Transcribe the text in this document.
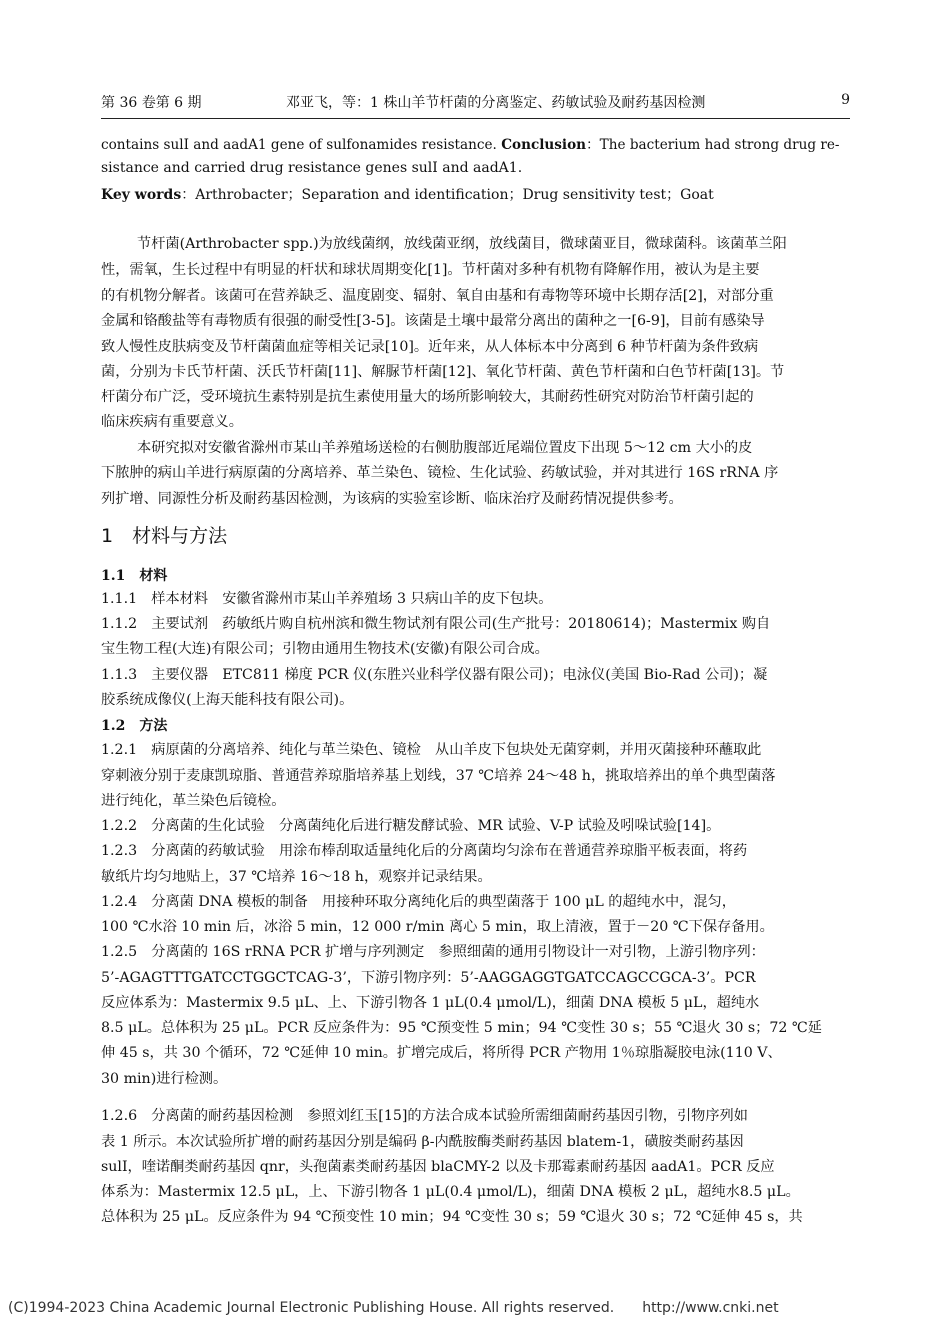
第 36 卷第 6 期	邓亚飞，等：1 株山羊节杆菌的分离鉴定、药敏试验及耐药基因检测	9
contains sulI and aadA1 gene of sulfonamides resistance. Conclusion：The bacterium had strong drug re-
sistance and carried drug resistance genes sulI and aadA1.
Key words：Arthrobacter；Separation and identification；Drug sensitivity test；Goat
节杆菌(Arthrobacter spp.)为放线菌纲，放线菌亚纲，放线菌目，微球菌亚目，微球菌科。该菌革兰阳
性，需氧，生长过程中有明显的杆状和球状周期变化[1]。节杆菌对多种有机物有降解作用，被认为是主要
的有机物分解者。该菌可在营养缺乏、温度剧变、辐射、氧自由基和有毒物等环境中长期存活[2]，对部分重
金属和铬酸盐等有毒物质有很强的耐受性[3-5]。该菌是土壤中最常分离出的菌种之一[6-9]，目前有感染导
致人慢性皮肤病变及节杆菌菌血症等相关记录[10]。近年来，从人体标本中分离到 6 种节杆菌为条件致病
菌，分别为卡氏节杆菌、沃氏节杆菌[11]、解脲节杆菌[12]、氧化节杆菌、黄色节杆菌和白色节杆菌[13]。节
杆菌分布广泛，受环境抗生素特别是抗生素使用量大的场所影响较大，其耐药性研究对防治节杆菌引起的
临床疾病有重要意义。
本研究拟对安徽省滁州市某山羊养殖场送检的右侧肋腹部近尾端位置皮下出现 5～12 cm 大小的皮
下脓肿的病山羊进行病原菌的分离培养、革兰染色、镜检、生化试验、药敏试验，并对其进行 16S rRNA 序
列扩增、同源性分析及耐药基因检测，为该病的实验室诊断、临床治疗及耐药情况提供参考。
1　材料与方法
1.1　材料
1.1.1　样本材料　安徽省滁州市某山羊养殖场 3 只病山羊的皮下包块。
1.1.2　主要试剂　药敏纸片购自杭州滨和微生物试剂有限公司(生产批号：20180614)；Mastermix 购自
宝生物工程(大连)有限公司；引物由通用生物技术(安徽)有限公司合成。
1.1.3　主要仪器　ETC811 梯度 PCR 仪(东胜兴业科学仪器有限公司)；电泳仪(美国 Bio-Rad 公司)；凝
胶系统成像仪(上海天能科技有限公司)。
1.2　方法
1.2.1　病原菌的分离培养、纯化与革兰染色、镜检　从山羊皮下包块处无菌穿刺，并用灭菌接种环蘸取此
穿刺液分别于麦康凯琼脂、普通营养琼脂培养基上划线，37 ℃培养 24～48 h，挑取培养出的单个典型菌落
进行纯化，革兰染色后镜检。
1.2.2　分离菌的生化试验　分离菌纯化后进行糖发酵试验、MR 试验、V-P 试验及吲哚试验[14]。
1.2.3　分离菌的药敏试验　用涂布棒刮取适量纯化后的分离菌均匀涂布在普通营养琼脂平板表面，将药
敏纸片均匀地贴上，37 ℃培养 16～18 h，观察并记录结果。
1.2.4　分离菌 DNA 模板的制备　用接种环取分离纯化后的典型菌落于 100 μL 的超纯水中，混匀，
100 ℃水浴 10 min 后，冰浴 5 min，12 000 r/min 离心 5 min，取上清液，置于－20 ℃下保存备用。
1.2.5　分离菌的 16S rRNA PCR 扩增与序列测定　参照细菌的通用引物设计一对引物，上游引物序列：
5’-AGAGTTTGATCCTGGCTCAG-3’，下游引物序列：5’-AAGGAGGTGATCCAGCCGCA-3’。PCR
反应体系为：Mastermix 9.5 μL、上、下游引物各 1 μL(0.4 μmol/L)，细菌 DNA 模板 5 μL，超纯水
8.5 μL。总体积为 25 μL。PCR 反应条件为：95 ℃预变性 5 min；94 ℃变性 30 s；55 ℃退火 30 s；72 ℃延
伸 45 s，共 30 个循环，72 ℃延伸 10 min。扩增完成后，将所得 PCR 产物用 1％琼脂凝胶电泳(110 V、
30 min)进行检测。
1.2.6　分离菌的耐药基因检测　参照刘红玉[15]的方法合成本试验所需细菌耐药基因引物，引物序列如
表 1 所示。本次试验所扩增的耐药基因分别是编码 β-内酰胺酶类耐药基因 blatem-1，磺胺类耐药基因
sulI，喹诺酮类耐药基因 qnr，头孢菌素类耐药基因 blaCMY-2 以及卡那霉素耐药基因 aadA1。PCR 反应
体系为：Mastermix 12.5 μL，上、下游引物各 1 μL(0.4 μmol/L)，细菌 DNA 模板 2 μL，超纯水8.5 μL。
总体积为 25 μL。反应条件为 94 ℃预变性 10 min；94 ℃变性 30 s；59 ℃退火 30 s；72 ℃延伸 45 s，共
(C)1994-2023 China Academic Journal Electronic Publishing House. All rights reserved.　　http://www.cnki.net
